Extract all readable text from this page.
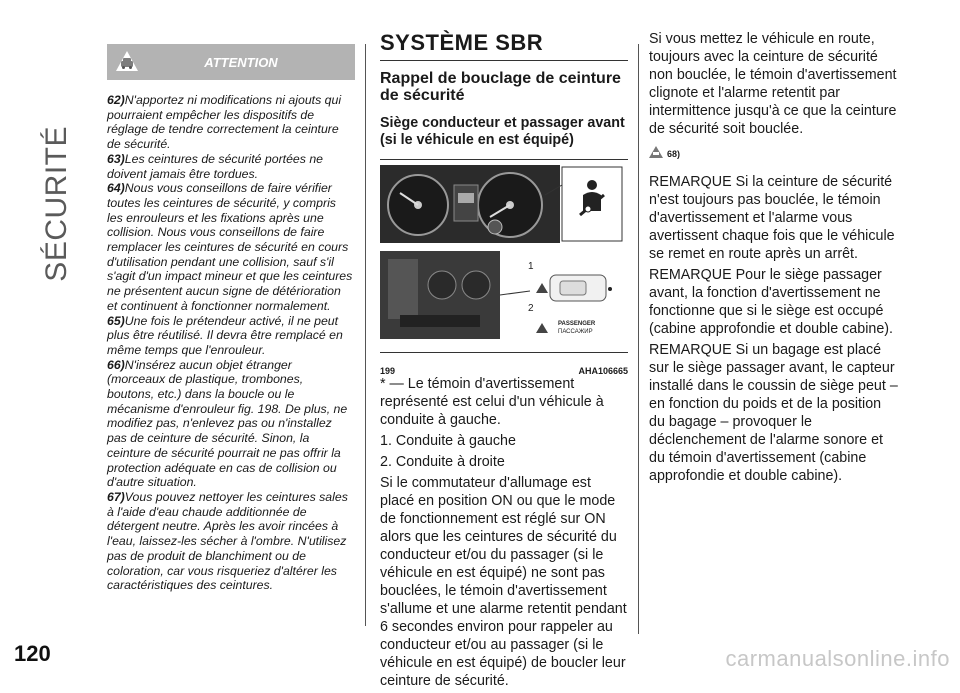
SÉCURITÉ
120
ATTENTION
62)N'apportez ni modifications ni ajouts qui pourraient empêcher les dispositifs de réglage de tendre correctement la ceinture de sécurité.
63)Les ceintures de sécurité portées ne doivent jamais être tordues.
64)Nous vous conseillons de faire vérifier toutes les ceintures de sécurité, y compris les enrouleurs et les fixations après une collision. Nous vous conseillons de faire remplacer les ceintures de sécurité en cours d'utilisation pendant une collision, sauf s'il s'agit d'un impact mineur et que les ceintures ne présentent aucun signe de détérioration et continuent à fonctionner normalement.
65)Une fois le prétendeur activé, il ne peut plus être réutilisé. Il devra être remplacé en même temps que l'enrouleur.
66)N'insérez aucun objet étranger (morceaux de plastique, trombones, boutons, etc.) dans la boucle ou le mécanisme d'enrouleur fig. 198. De plus, ne modifiez pas, n'enlevez pas ou n'installez pas de ceinture de sécurité. Sinon, la ceinture de sécurité pourrait ne pas offrir la protection adéquate en cas de collision ou d'autre situation.
67)Vous pouvez nettoyer les ceintures sales à l'aide d'eau chaude additionnée de détergent neutre. Après les avoir rincées à l'eau, laissez-les sécher à l'ombre. N'utilisez pas de produit de blanchiment ou de coloration, car vous risqueriez d'altérer les caractéristiques des ceintures.
SYSTÈME SBR
Rappel de bouclage de ceinture de sécurité
Siège conducteur et passager avant (si le véhicule en est équipé)
1
2
PASSENGER
ПАССАЖИР
199	AHA106665

* — Le témoin d'avertissement représenté est celui d'un véhicule à conduite à gauche.

1. Conduite à gauche

2. Conduite à droite

Si le commutateur d'allumage est placé en position ON ou que le mode de fonctionnement est réglé sur ON alors que les ceintures de sécurité du conducteur et/ou du passager (si le véhicule en est équipé) ne sont pas bouclées, le témoin d'avertissement s'allume et une alarme retentit pendant 6 secondes environ pour rappeler au conducteur et/ou au passager (si le véhicule en est équipé) de boucler leur ceinture de sécurité.

Si vous mettez le véhicule en route, toujours avec la ceinture de sécurité non bouclée, le témoin d'avertissement clignote et l'alarme retentit par intermittence jusqu'à ce que la ceinture de sécurité soit bouclée.

$^{68)}$

REMARQUE Si la ceinture de sécurité n'est toujours pas bouclée, le témoin d'avertissement et l'alarme vous avertissent chaque fois que le véhicule se remet en route après un arrêt.

REMARQUE Pour le siège passager avant, la fonction d'avertissement ne fonctionne que si le siège est occupé (cabine approfondie et double cabine).

REMARQUE Si un bagage est placé sur le siège passager avant, le capteur installé dans le coussin de siège peut – en fonction du poids et de la position du bagage – provoquer le déclenchement de l'alarme sonore et du témoin d'avertissement (cabine approfondie et double cabine).

carmanualsonline.info
